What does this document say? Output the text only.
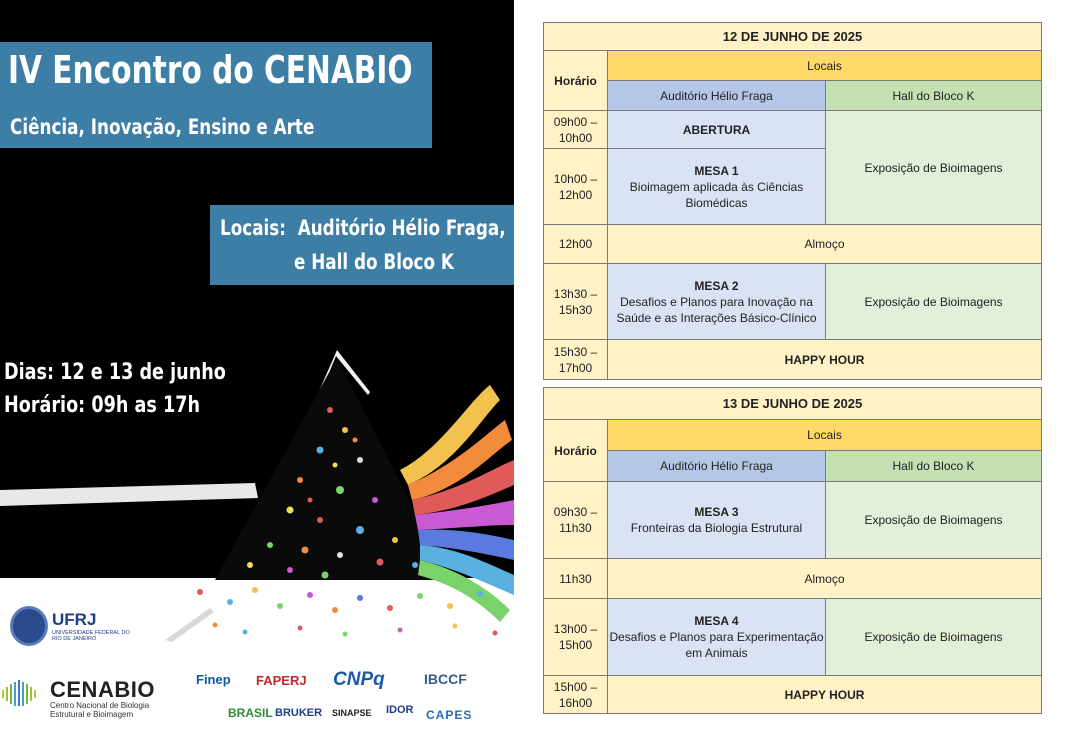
IV Encontro do CENABIO
Ciência, Inovação, Ensino e Arte
Locais: Auditório Hélio Fraga,
e Hall do Bloco K
Dias: 12 e 13 de junho
Horário: 09h as 17h
UFRJ
UNIVERSIDADE FEDERAL DO RIO DE JANEIRO
CENABIO
Centro Nacional de Biologia Estrutural e Bioimagem
Finep FAPERJ CNPq	IBCCF
BRASIL BRUKER SINAPSE IDOR CAPES
12 DE JUNHO DE 2025		
Horário	Locais	
	Auditório Hélio Fraga	Hall do Bloco K
09h00 – 10h00	ABERTURA	Exposição de Bioimagens
10h00 – 12h00	MESA 1
Bioimagem aplicada às Ciências Biomédicas	

12h00	Almoço	
13h30 – 15h30	MESA 2
Desafios e Planos para Inovação na Saúde e as Interações Básico-Clínico	Exposição de Bioimagens
15h30 – 17h00	HAPPY HOUR	
13 DE JUNHO DE 2025		
Horário	Locais	
	Auditório Hélio Fraga	Hall do Bloco K
09h30 – 11h30	MESA 3
Fronteiras da Biologia Estrutural	Exposição de Bioimagens
11h30	Almoço	
13h00 – 15h00	MESA 4
Desafios e Planos para Experimentação em Animais	Exposição de Bioimagens
15h00 – 16h00	HAPPY HOUR	
